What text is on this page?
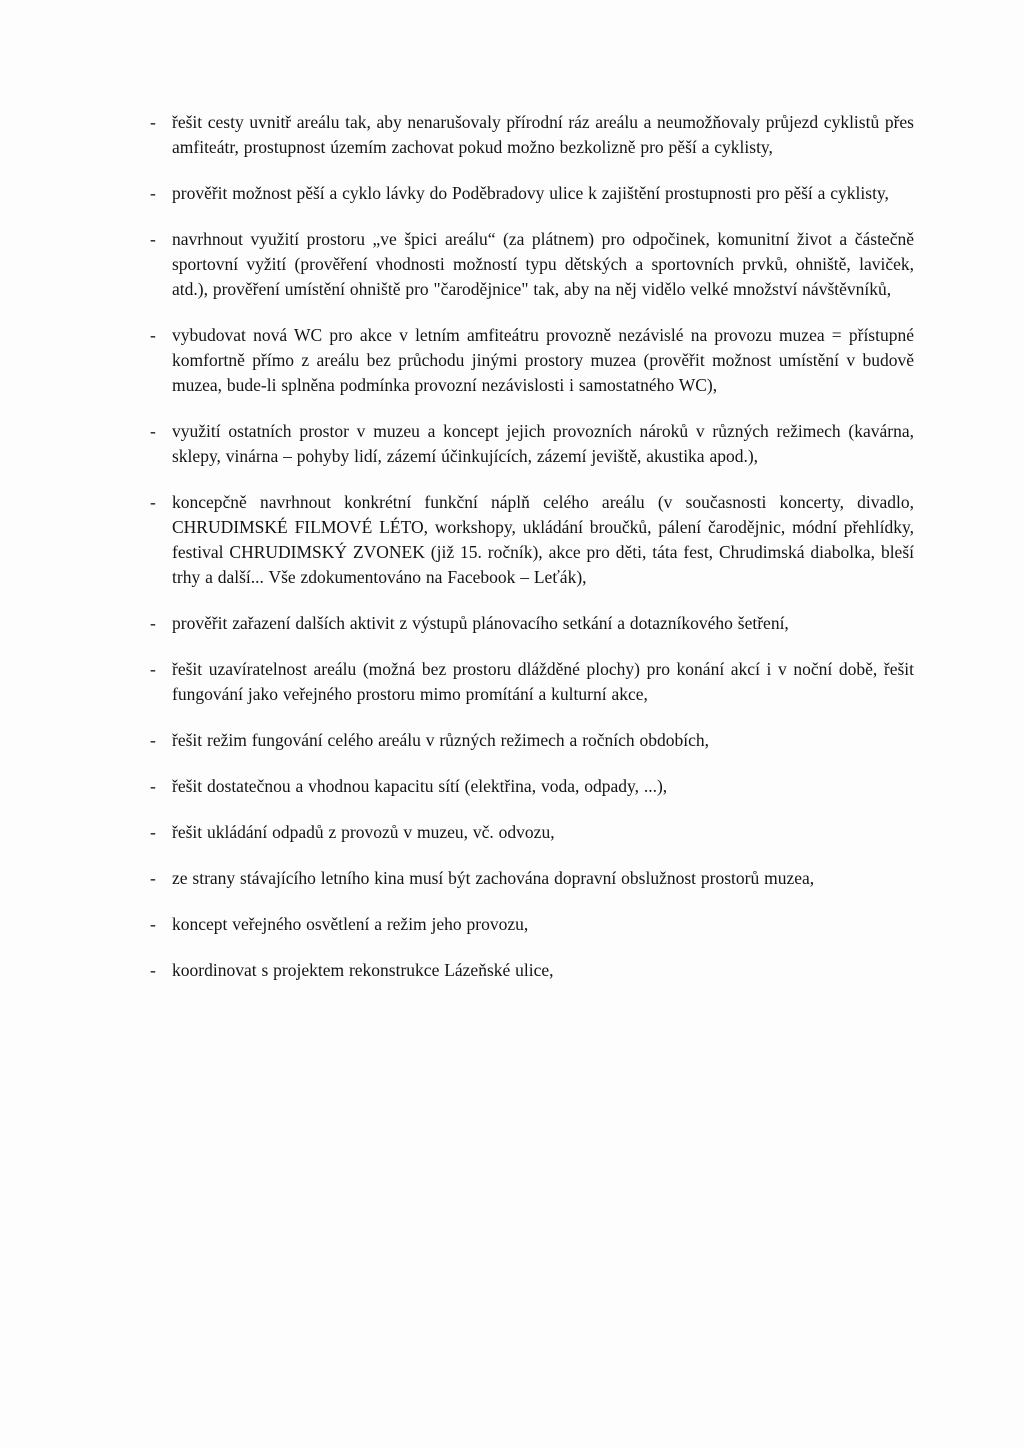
- řešit cesty uvnitř areálu tak, aby nenarušovaly přírodní ráz areálu a neumožňovaly průjezd cyklistů přes amfiteátr, prostupnost územím zachovat pokud možno bezkolizně pro pěší a cyklisty,
- prověřit možnost pěší a cyklo lávky do Poděbradovy ulice k zajištění prostupnosti pro pěší a cyklisty,
- navrhnout využití prostoru „ve špici areálu“ (za plátnem) pro odpočinek, komunitní život a částečně sportovní vyžití (prověření vhodnosti možností typu dětských a sportovních prvků, ohniště, laviček, atd.), prověření umístění ohniště pro "čarodějnice" tak, aby na něj vidělo velké množství návštěvníků,
- vybudovat nová WC pro akce v letním amfiteátru provozně nezávislé na provozu muzea = přístupné komfortně přímo z areálu bez průchodu jinými prostory muzea (prověřit možnost umístění v budově muzea, bude-li splněna podmínka provozní nezávislosti i samostatného WC),
- využití ostatních prostor v muzeu a koncept jejich provozních nároků v různých režimech (kavárna, sklepy, vinárna – pohyby lidí, zázemí účinkujících, zázemí jeviště, akustika apod.),
- koncepčně navrhnout konkrétní funkční náplň celého areálu (v současnosti koncerty, divadlo, CHRUDIMSKÉ FILMOVÉ LÉTO, workshopy, ukládání broučků, pálení čarodějnic, módní přehlídky, festival CHRUDIMSKÝ ZVONEK (již 15. ročník), akce pro děti, táta fest, Chrudimská diabolka, bleší trhy a další... Vše zdokumentováno na Facebook – Leťák),
- prověřit zařazení dalších aktivit z výstupů plánovacího setkání a dotazníkového šetření,
- řešit uzavíratelnost areálu (možná bez prostoru dlážděné plochy) pro konání akcí i v noční době, řešit fungování jako veřejného prostoru mimo promítání a kulturní akce,
- řešit režim fungování celého areálu v různých režimech a ročních obdobích,
- řešit dostatečnou a vhodnou kapacitu sítí (elektřina, voda, odpady, ...),
- řešit ukládání odpadů z provozů v muzeu, vč. odvozu,
- ze strany stávajícího letního kina musí být zachována dopravní obslužnost prostorů muzea,
- koncept veřejného osvětlení a režim jeho provozu,
- koordinovat s projektem rekonstrukce Lázeňské ulice,
